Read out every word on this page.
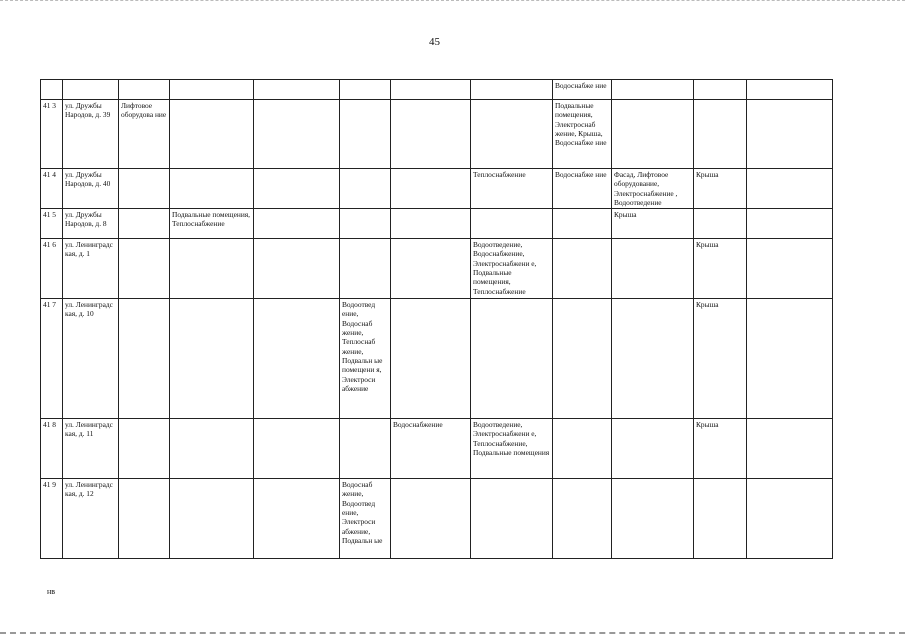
45
								Водоснабже ние			
41 3	ул. Дружбы Народов, д. 39	Лифтовое оборудова ние						Подвальные помещения, Электроснаб жение, Крыша, Водоснабже ние			
41 4	ул. Дружбы Народов, д. 40						Теплоснабжение	Водоснабже ние	Фасад, Лифтовое оборудование, Электроснабжение , Водоотведение	Крыша	
41 5	ул. Дружбы Народов, д. 8		Подвальные помещения, Теплоснабжение						Крыша		
41 6	ул. Ленинградс кая, д. 1						Водоотведение, Водоснабжение, Электроснабжени е, Подвальные помещения, Теплоснабжение			Крыша	
41 7	ул. Ленинградс кая, д. 10				Водоотвед ение, Водоснаб жение, Теплоснаб жение, Подвальн ые помещени я, Электроси абжение					Крыша	
41 8	ул. Ленинградс кая, д. 11					Водоснабжение	Водоотведение, Электроснабжени е, Теплоснабжение, Подвальные помещения			Крыша	
41 9	ул. Ленинградс кая, д. 12				Водоснаб жение, Водоотвед ение, Электроси абжение, Подвальн ые						
нв
